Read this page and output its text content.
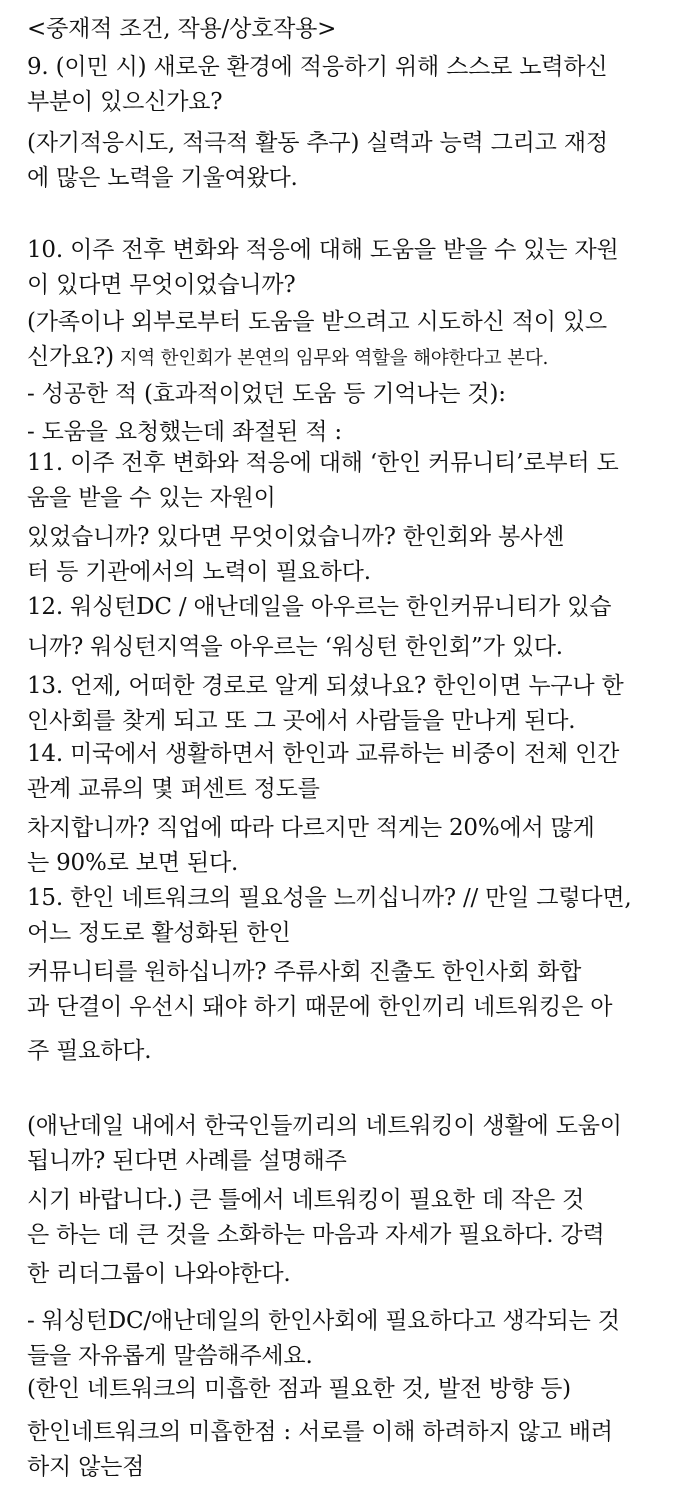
<중재적 조건, 작용/상호작용>
9. (이민 시) 새로운 환경에 적응하기 위해 스스로 노력하신
부분이 있으신가요?
(자기적응시도, 적극적 활동 추구) 실력과 능력 그리고 재정
에 많은 노력을 기울여왔다.
10. 이주 전후 변화와 적응에 대해 도움을 받을 수 있는 자원
이 있다면 무엇이었습니까?
(가족이나 외부로부터 도움을 받으려고 시도하신 적이 있으
신가요?) 지역 한인회가 본연의 임무와 역할을 해야한다고 본다.
- 성공한 적 (효과적이었던 도움 등 기억나는 것):
- 도움을 요청했는데 좌절된 적 :
11. 이주 전후 변화와 적응에 대해 ‘한인 커뮤니티’로부터 도
움을 받을 수 있는 자원이
있었습니까? 있다면 무엇이었습니까? 한인회와 봉사센
터 등 기관에서의 노력이 필요하다.
12. 워싱턴DC / 애난데일을 아우르는 한인커뮤니티가 있습
니까? 워싱턴지역을 아우르는 ‘워싱턴 한인회”가 있다.
13. 언제, 어떠한 경로로 알게 되셨나요? 한인이면 누구나 한
인사회를 찾게 되고 또 그 곳에서 사람들을 만나게 된다.
14. 미국에서 생활하면서 한인과 교류하는 비중이 전체 인간
관계 교류의 몇 퍼센트 정도를
차지합니까? 직업에 따라 다르지만 적게는 20%에서 많게
는 90%로 보면 된다.
15. 한인 네트워크의 필요성을 느끼십니까? // 만일 그렇다면,
어느 정도로 활성화된 한인
커뮤니티를 원하십니까? 주류사회 진출도 한인사회 화합
과 단결이 우선시 돼야 하기 때문에 한인끼리 네트워킹은 아
주 필요하다.
(애난데일 내에서 한국인들끼리의 네트워킹이 생활에 도움이
됩니까? 된다면 사례를 설명해주
시기 바랍니다.) 큰 틀에서 네트워킹이 필요한 데 작은 것
은 하는 데 큰 것을 소화하는 마음과 자세가 필요하다. 강력
한 리더그룹이 나와야한다.
- 워싱턴DC/애난데일의 한인사회에 필요하다고 생각되는 것
들을 자유롭게 말씀해주세요.
(한인 네트워크의 미흡한 점과 필요한 것, 발전 방향 등)
한인네트워크의 미흡한점 : 서로를 이해 하려하지 않고 배려
하지 않는점
